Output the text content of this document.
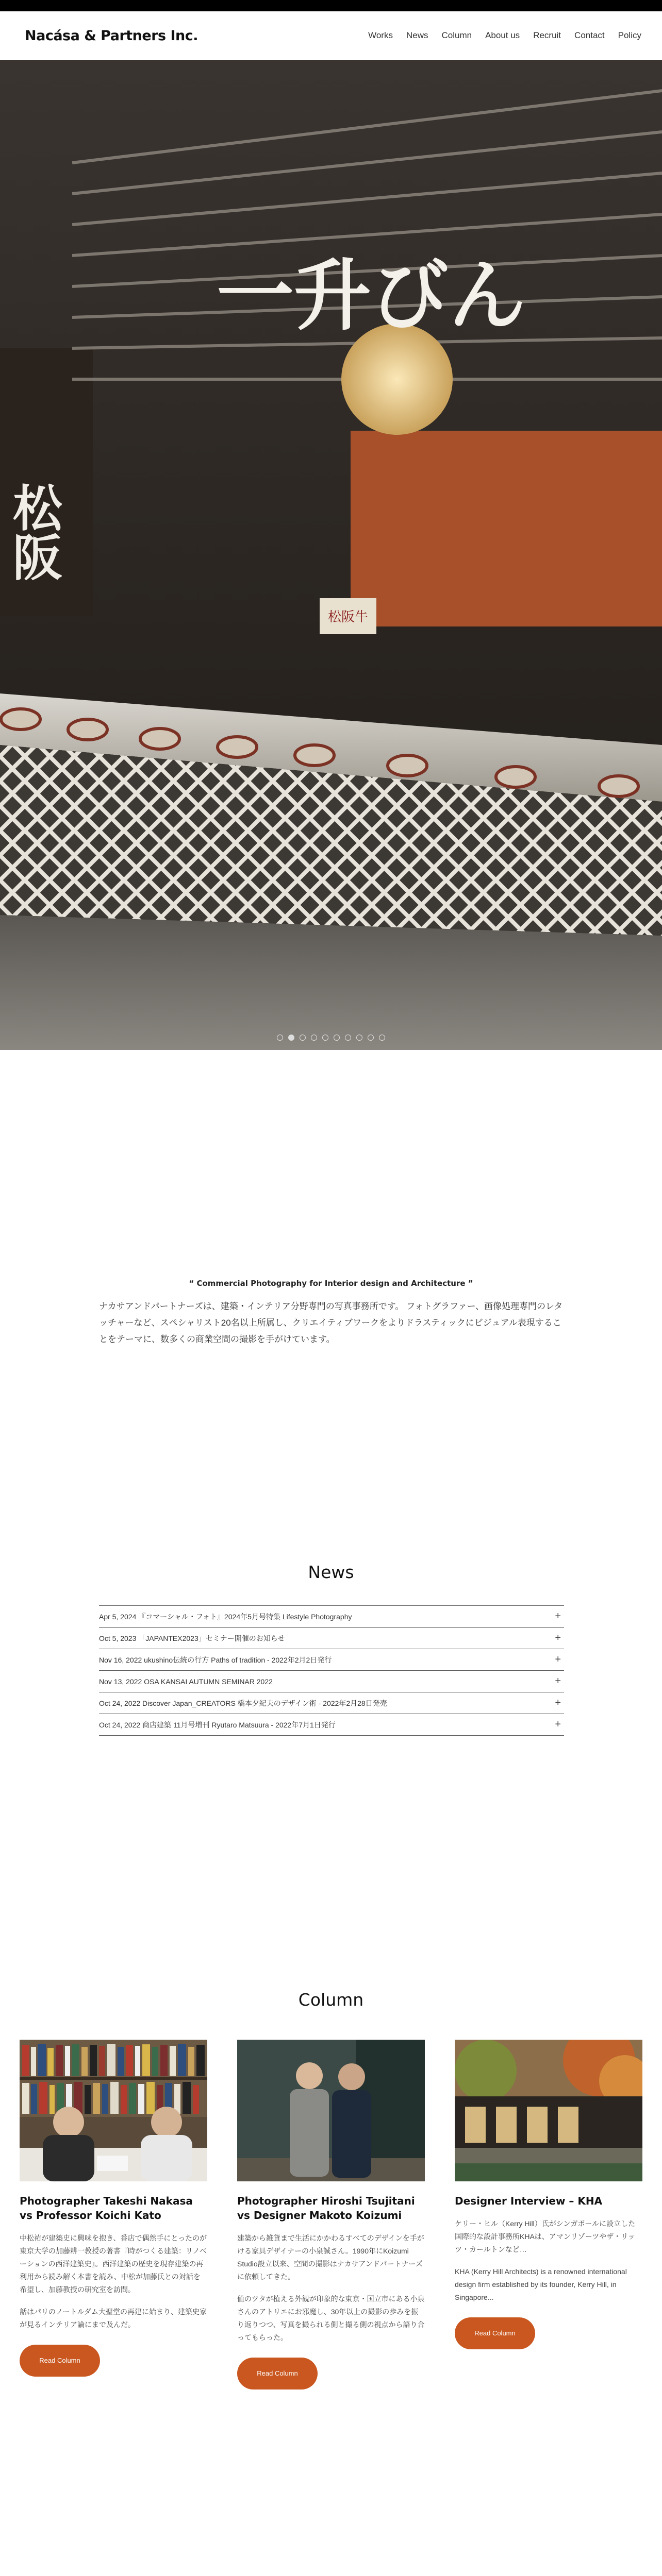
Nacása & Partners Inc.	Works News Column About us Recruit Contact Policy
一升びん
松阪
松阪牛
“ Commercial Photography for Interior design and Architecture ”

ナカサアンドパートナーズは、建築・インテリア分野専門の写真事務所です。 フォトグラファー、画像処理専門のレタッチャーなど、スペシャリスト20名以上所属し、クリエイティブワークをよりドラスティックにビジュアル表現することをテーマに、数多くの商業空間の撮影を手がけています。

News
Apr 5, 2024 『コマーシャル・フォト』2024年5月号特集 Lifestyle Photography	+
Oct 5, 2023 「JAPANTEX2023」セミナー開催のお知らせ	+
Nov 16, 2022 ukushino伝統の行方 Paths of tradition - 2022年2月2日発行	+
Nov 13, 2022 OSA KANSAI AUTUMN SEMINAR 2022	+
Oct 24, 2022 Discover Japan_CREATORS 橋本夕紀夫のデザイン術 - 2022年2月28日発売	+
Oct 24, 2022 商店建築 11月号増刊 Ryutaro Matsuura - 2022年7月1日発行	+
Column
Photographer Takeshi Nakasa vs Professor Koichi Kato

中松祐が建築史に興味を抱き、番店で偶然手にとったのが東京大学の加藤耕一教授の著書『時がつくる建築：リノベーションの西洋建築史』。西洋建築の歴史を現存建築の再利用から読み解く本書を読み、中松が加藤氏との対話を希望し、加藤教授の研究室を訪問。

話はパリのノートルダム大聖堂の再建に始まり、建築史家が見るインテリア論にまで及んだ。

Read Column
Photographer Hiroshi Tsujitani vs Designer Makoto Koizumi

建築から雑貨まで生活にかかわるすべてのデザインを手がける家具デザイナーの小泉誠さん。1990年にKoizumi Studio設立以来、空間の撮影はナカサアンドパートナーズに依頼してきた。

値のツタが植える外観が印象的な東京・国立市にある小泉さんのアトリエにお邪魔し、30年以上の撮影の歩みを振り返りつつ、写真を撮られる側と撮る側の視点から語り合ってもらった。

Read Column
Designer Interview – KHA

ケリー・ヒル（Kerry Hill）氏がシンガポールに設立した国際的な設計事務所KHAは、アマンリゾーツやザ・リッツ・カールトンなど…

KHA (Kerry Hill Architects) is a renowned international design firm established by its founder, Kerry Hill, in Singapore...

Read Column
